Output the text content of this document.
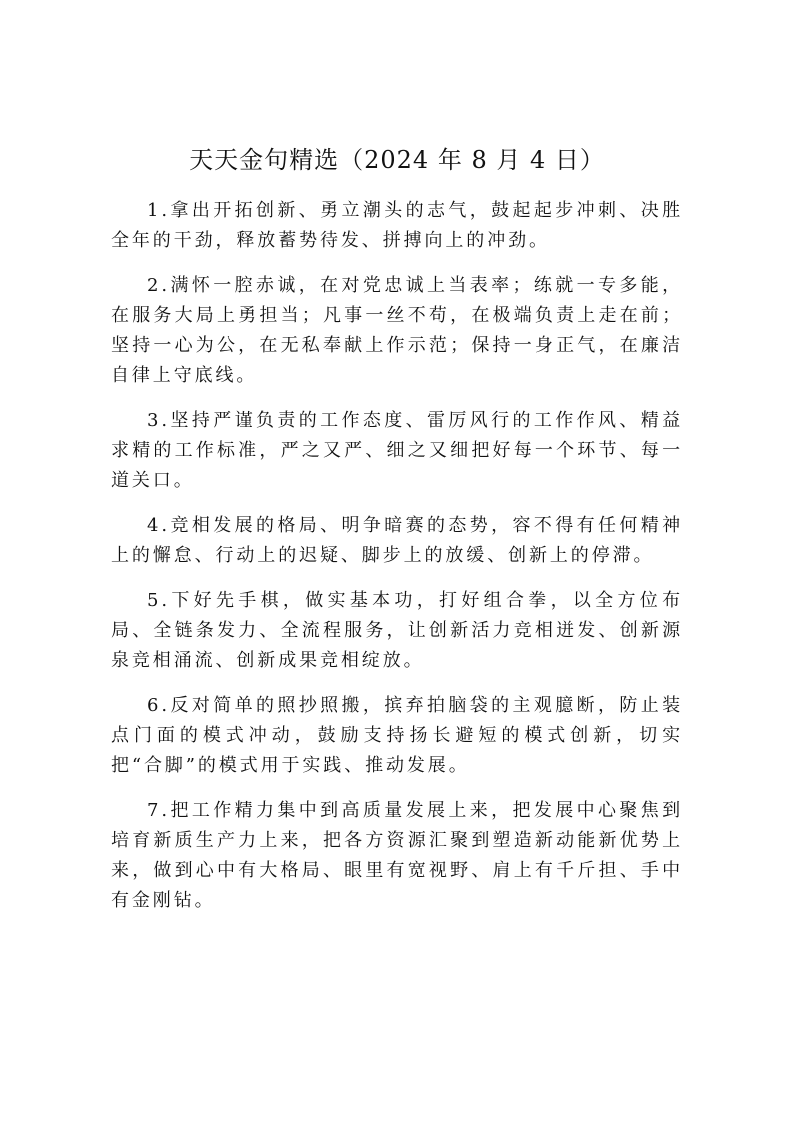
天天金句精选（2024 年 8 月 4 日）

1.拿出开拓创新、勇立潮头的志气，鼓起起步冲刺、决胜全年的干劲，释放蓄势待发、拼搏向上的冲劲。

2.满怀一腔赤诚，在对党忠诚上当表率；练就一专多能，在服务大局上勇担当；凡事一丝不苟，在极端负责上走在前；坚持一心为公，在无私奉献上作示范；保持一身正气，在廉洁自律上守底线。

3.坚持严谨负责的工作态度、雷厉风行的工作作风、精益求精的工作标准，严之又严、细之又细把好每一个环节、每一道关口。

4.竞相发展的格局、明争暗赛的态势，容不得有任何精神上的懈怠、行动上的迟疑、脚步上的放缓、创新上的停滞。

5.下好先手棋，做实基本功，打好组合拳，以全方位布局、全链条发力、全流程服务，让创新活力竞相迸发、创新源泉竞相涌流、创新成果竞相绽放。

6.反对简单的照抄照搬，摈弃拍脑袋的主观臆断，防止装点门面的模式冲动，鼓励支持扬长避短的模式创新，切实把“合脚”的模式用于实践、推动发展。

7.把工作精力集中到高质量发展上来，把发展中心聚焦到培育新质生产力上来，把各方资源汇聚到塑造新动能新优势上来，做到心中有大格局、眼里有宽视野、肩上有千斤担、手中有金刚钻。
